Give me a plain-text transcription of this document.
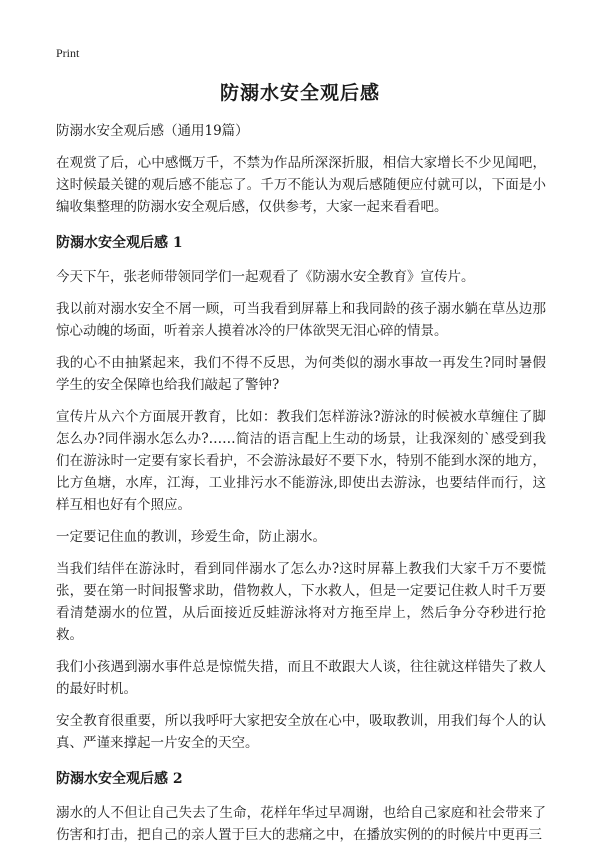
Print
防溺水安全观后感

防溺水安全观后感（通用19篇）

在观赏了后，心中感慨万千，不禁为作品所深深折服，相信大家增长不少见闻吧，这时候最关键的观后感不能忘了。千万不能认为观后感随便应付就可以，下面是小编收集整理的防溺水安全观后感，仅供参考，大家一起来看看吧。

防溺水安全观后感 1

今天下午，张老师带领同学们一起观看了《防溺水安全教育》宣传片。

我以前对溺水安全不屑一顾，可当我看到屏幕上和我同龄的孩子溺水躺在草丛边那惊心动魄的场面，听着亲人摸着冰冷的尸体欲哭无泪心碎的情景。

我的心不由抽紧起来，我们不得不反思，为何类似的溺水事故一再发生?同时暑假学生的安全保障也给我们敲起了警钟?

宣传片从六个方面展开教育，比如：教我们怎样游泳?游泳的时候被水草缠住了脚怎么办?同伴溺水怎么办?……简洁的语言配上生动的场景，让我深刻的`感受到我们在游泳时一定要有家长看护，不会游泳最好不要下水，特别不能到水深的地方，比方鱼塘，水库，江海，工业排污水不能游泳,即使出去游泳，也要结伴而行，这样互相也好有个照应。

一定要记住血的教训，珍爱生命，防止溺水。

当我们结伴在游泳时，看到同伴溺水了怎么办?这时屏幕上教我们大家千万不要慌张，要在第一时间报警求助，借物救人，下水救人，但是一定要记住救人时千万要看清楚溺水的位置，从后面接近反蛙游泳将对方拖至岸上，然后争分夺秒进行抢救。

我们小孩遇到溺水事件总是惊慌失措，而且不敢跟大人谈，往往就这样错失了救人的最好时机。

安全教育很重要，所以我呼吁大家把安全放在心中，吸取教训，用我们每个人的认真、严谨来撑起一片安全的天空。

防溺水安全观后感 2

溺水的人不但让自己失去了生命，花样年华过早凋谢，也给自己家庭和社会带来了伤害和打击，把自己的亲人置于巨大的悲痛之中，在播放实例的的时候片中更再三
